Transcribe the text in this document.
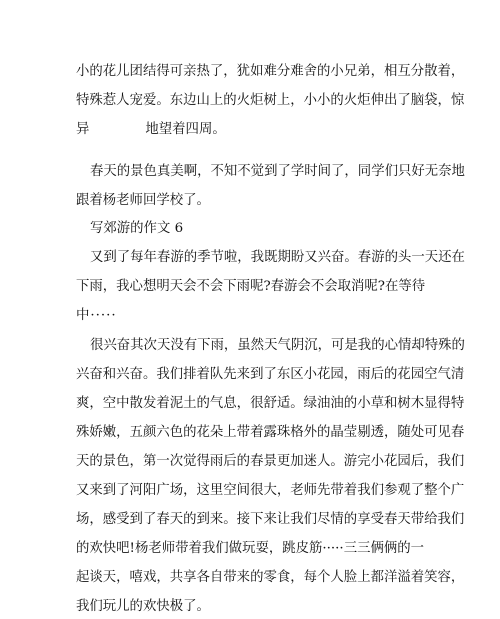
小的花儿团结得可亲热了，犹如难分难舍的小兄弟，相互分散着，
特殊惹人宠爱。东边山上的火炬树上，小小的火炬伸出了脑袋，惊
异	地望着四周。
春天的景色真美啊，不知不觉到了学时间了，同学们只好无奈地
跟着杨老师回学校了。
写郊游的作文 6
又到了每年春游的季节啦，我既期盼又兴奋。春游的头一天还在
下雨，我心想明天会不会下雨呢?春游会不会取消呢?在等待
中·····
很兴奋其次天没有下雨，虽然天气阴沉，可是我的心情却特殊的
兴奋和兴奋。我们排着队先来到了东区小花园，雨后的花园空气清
爽，空中散发着泥土的气息，很舒适。绿油油的小草和树木显得特
殊娇嫩，五颜六色的花朵上带着露珠格外的晶莹剔透，随处可见春
天的景色，第一次觉得雨后的春景更加迷人。游完小花园后，我们
又来到了河阳广场，这里空间很大，老师先带着我们参观了整个广
场，感受到了春天的到来。接下来让我们尽情的享受春天带给我们
的欢快吧!杨老师带着我们做玩耍，跳皮筋·····三三俩俩的一
起谈天，嘻戏，共享各自带来的零食，每个人脸上都洋溢着笑容，
我们玩儿的欢快极了。
